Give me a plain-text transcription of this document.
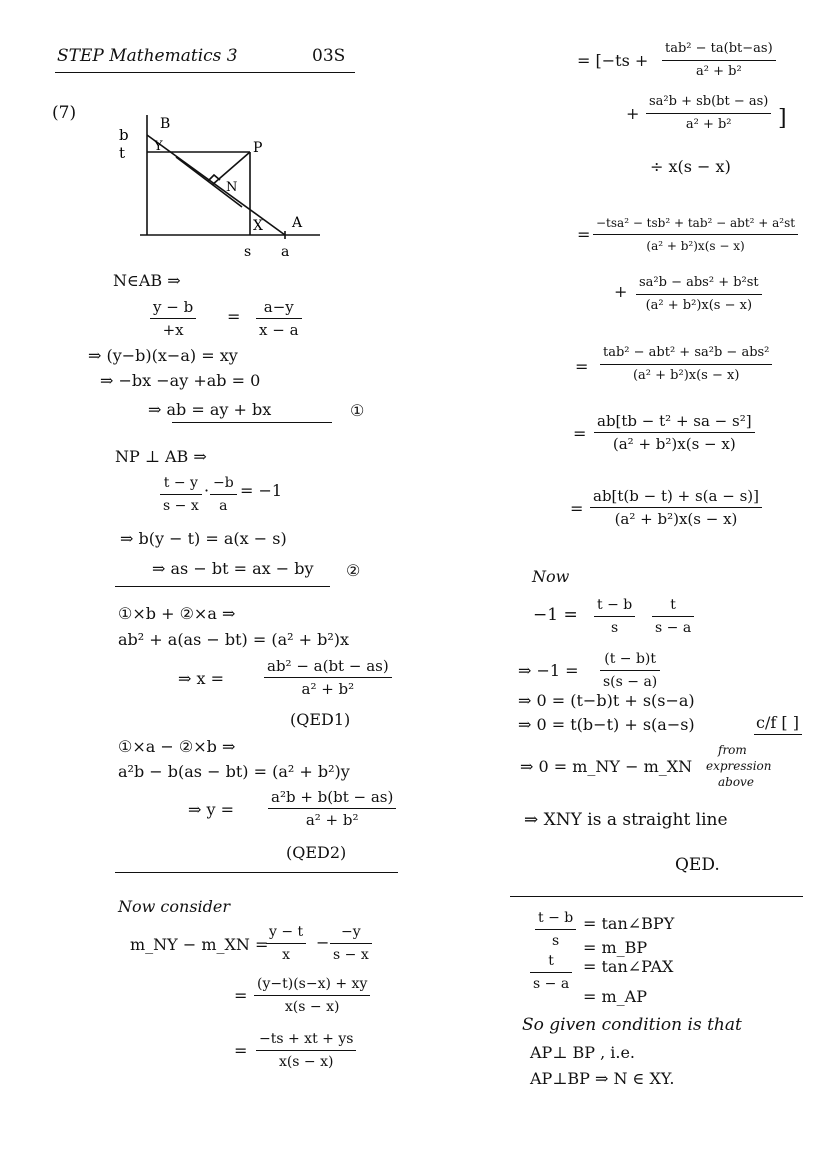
STEP Mathematics 3	03S
(7)
b
t
B
Y	P
N
X A
s a
N∈AB ⇒
$\frac{y - b}{+x} = \frac{a-y}{x - a}$
⇒ (y−b)(x−a) = xy
⇒ −bx −ay +ab = 0
⇒ ab = ay + bx	①
NP ⊥ AB ⇒
$\frac{t - y}{s - x} \cdot \frac{-b}{a} = -1$
⇒ b(y − t) = a(x − s)
⇒ as − bt = ax − by ②
①×b + ②×a ⇒
ab² + a(as − bt) = (a² + b²)x
⇒ x =	$\frac{\text{ab² − a(bt − as)}}{\text{a² + b²}}$
(QED1)
①×a − ②×b ⇒
a²b − b(as − bt) = (a² + b²)y
⇒ $y = \frac{\text{a²b + b(bt − as)}}{\text{a² + b²}}$
(QED2)
Now consider
m_NY − m_XN =
$\frac{y - t}{x} - \frac{-y}{s - x}$
= $\frac{(y-t)(s-x) + xy}{x(s - x)}$
= $\frac{-ts + xt + ys}{x(s - x)}$
= [−ts +
tab² − ta(bt−as)
a² + b²
+ $\frac{\text{sa²b + sb(bt − as)}}{\text{a² + b²}}$ ]
÷ x(s − x)
=
−tsa² − tsb² + tab² − abt² + a²st
(a² + b²)x(s − x)
+ sa²b − abs² + b²st
(a² + b²)x(s − x)
=
tab² − abt² + sa²b − abs²
(a² + b²)x(s − x)
= $\frac{\text{ab[tb − t² + sa − s²]}}{\text{(a² + b²)x(s − x)}}$
= $\frac{ab[t(b - t) + s(a - s)]}{\text{(a² + b²)x(s − x)}}$
Now
$-1 = \frac{t - b}{s} \frac{t}{s - a}$
⇒ $-1 = \frac{(t - b)t}{s(s - a)}$
⇒ 0 = (t−b)t + s(s−a)
⇒ 0 = t(b−t) + s(a−s)	c/f [ ]
⇒ 0 = m_NY − m_XN
from
expression
above
⇒ XNY is a straight line
QED.
$\frac{t - b}{s}$ = tan∠BPY
= m_BP
$\frac{t}{s - a}$ = tan∠PAX
= m_AP
So given condition is that
AP⊥ BP , i.e.
AP⊥BP ⇒ N ∈ XY.
